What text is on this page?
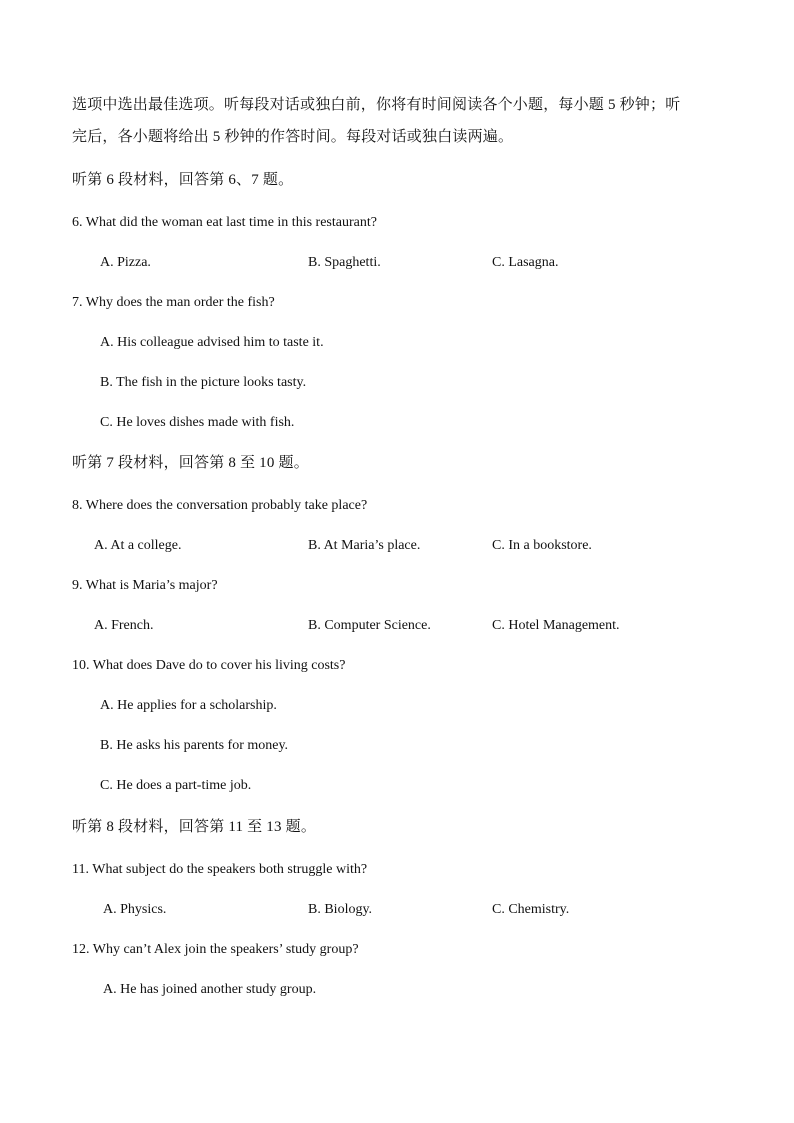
选项中选出最佳选项。听每段对话或独白前，你将有时间阅读各个小题，每小题 5 秒钟；听
完后，各小题将给出 5 秒钟的作答时间。每段对话或独白读两遍。
听第 6 段材料，回答第 6、7 题。
6. What did the woman eat last time in this restaurant?
A. Pizza.	B. Spaghetti.	C. Lasagna.
7. Why does the man order the fish?
A. His colleague advised him to taste it.
B. The fish in the picture looks tasty.
C. He loves dishes made with fish.
听第 7 段材料，回答第 8 至 10 题。
8. Where does the conversation probably take place?
A. At a college.	B. At Maria’s place.	C. In a bookstore.
9. What is Maria’s major?
A. French.	B. Computer Science.	C. Hotel Management.
10. What does Dave do to cover his living costs?
A. He applies for a scholarship.
B. He asks his parents for money.
C. He does a part-time job.
听第 8 段材料，回答第 11 至 13 题。
11. What subject do the speakers both struggle with?
A. Physics.	B. Biology.	C. Chemistry.
12. Why can’t Alex join the speakers’ study group?
A. He has joined another study group.
